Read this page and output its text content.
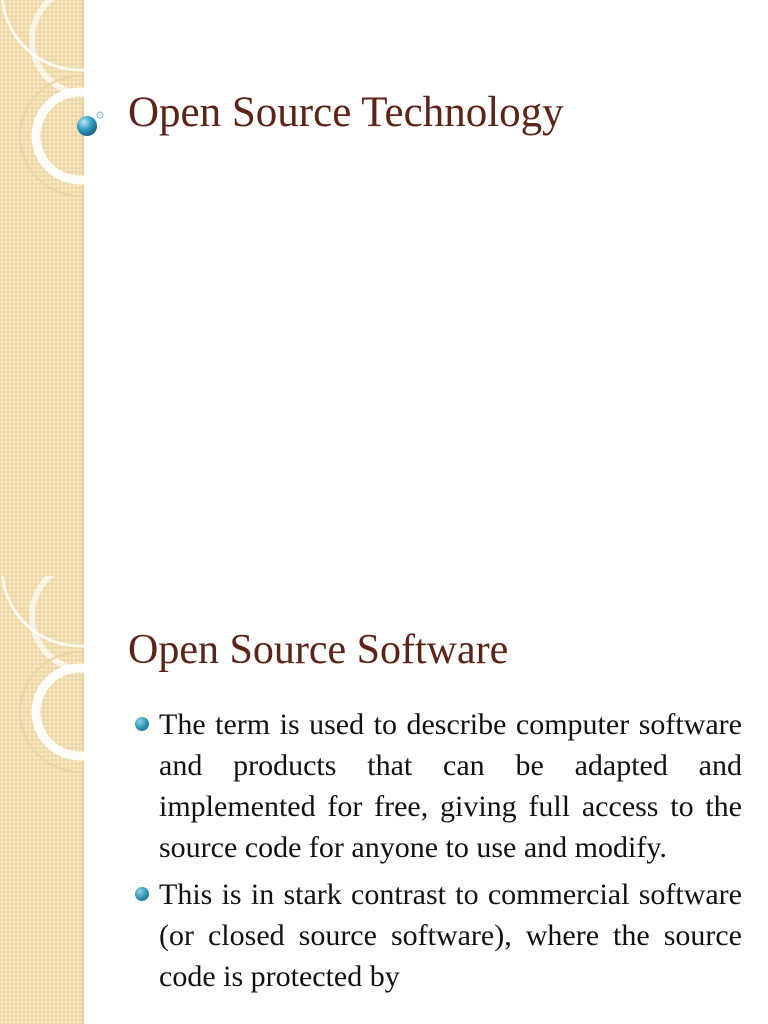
Open Source Technology
Open Source Software
The term is used to describe computer software and products that can be adapted and implemented for free, giving full access to the source code for anyone to use and modify.
This is in stark contrast to commercial software (or closed source software), where the source code is protected by
